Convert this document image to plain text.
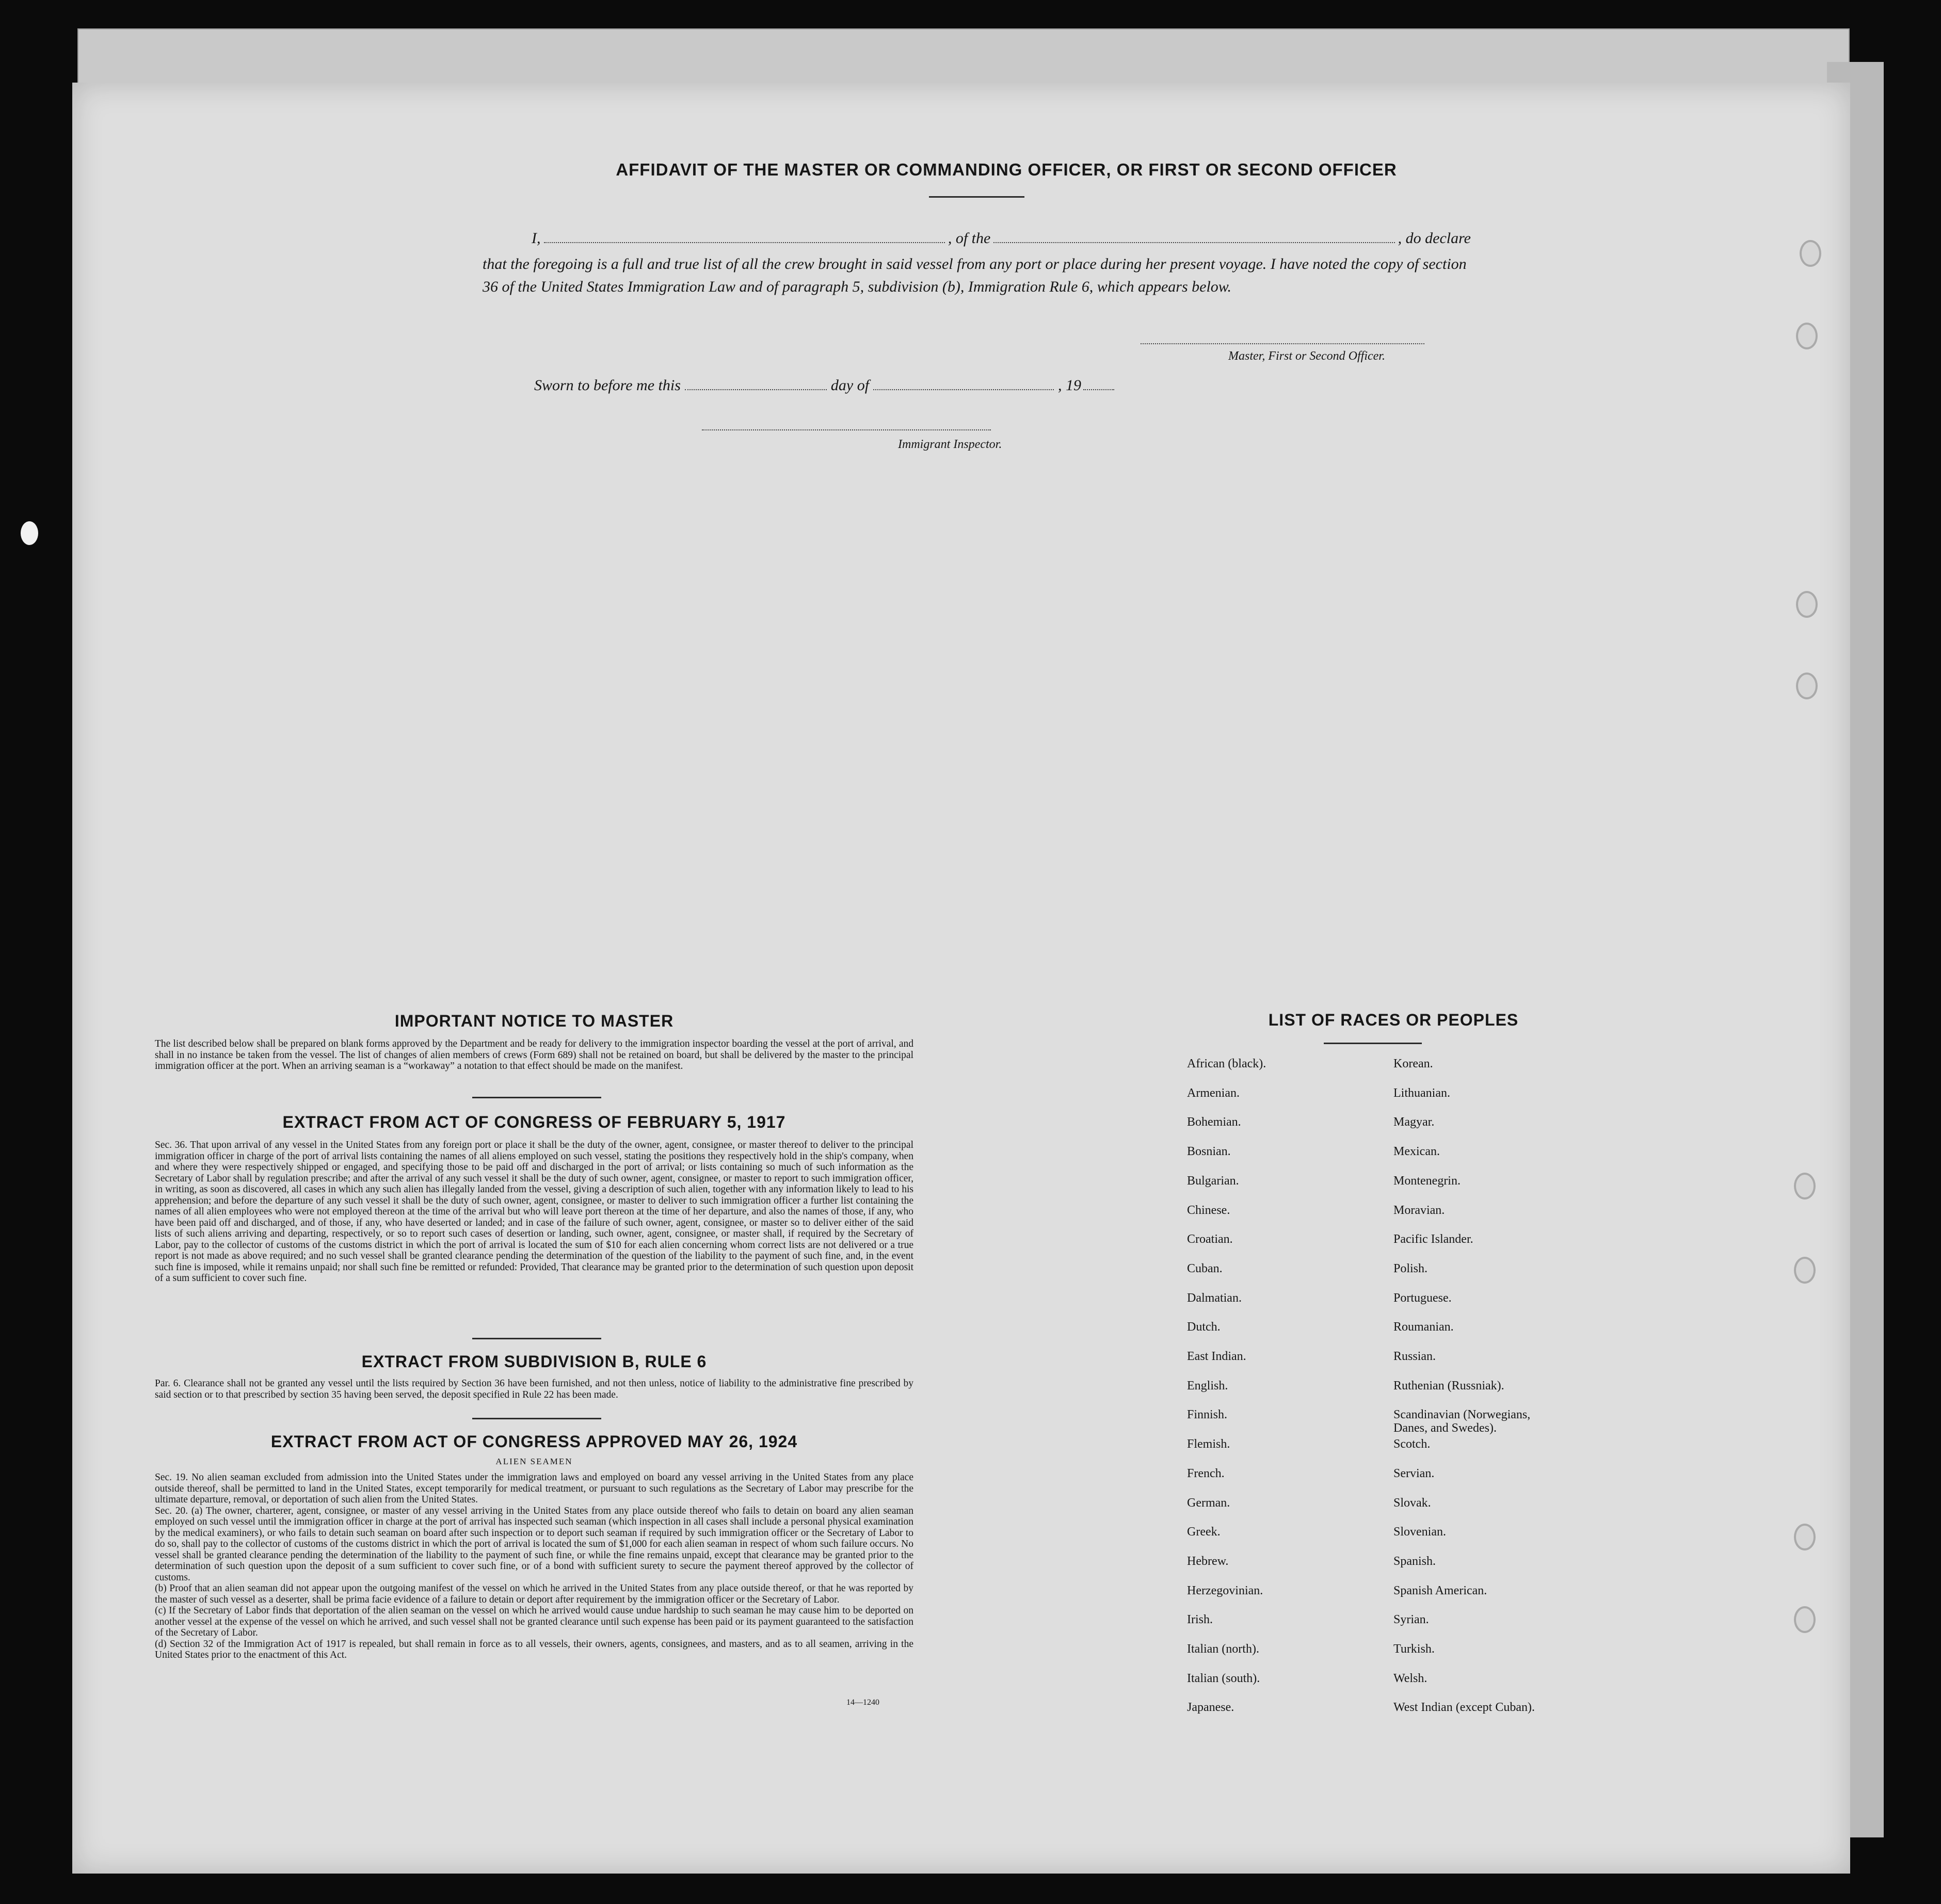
AFFIDAVIT OF THE MASTER OR COMMANDING OFFICER, OR FIRST OR SECOND OFFICER
I,	, of the	, do declare
that the foregoing is a full and true list of all the crew brought in said vessel from any port or place during her present voyage. I have noted the copy of section 36 of the United States Immigration Law and of paragraph 5, subdivision (b), Immigration Rule 6, which appears below.
Master, First or Second Officer.
Sworn to before me this	day of	, 19
Immigrant Inspector.
IMPORTANT NOTICE TO MASTER

The list described below shall be prepared on blank forms approved by the Department and be ready for delivery to the immigration inspector boarding the vessel at the port of arrival, and shall in no instance be taken from the vessel. The list of changes of alien members of crews (Form 689) shall not be retained on board, but shall be delivered by the master to the principal immigration officer at the port. When an arriving seaman is a “workaway” a notation to that effect should be made on the manifest.

EXTRACT FROM ACT OF CONGRESS OF FEBRUARY 5, 1917

Sec. 36. That upon arrival of any vessel in the United States from any foreign port or place it shall be the duty of the owner, agent, consignee, or master thereof to deliver to the principal immigration officer in charge of the port of arrival lists containing the names of all aliens employed on such vessel, stating the positions they respectively hold in the ship's company, when and where they were respectively shipped or engaged, and specifying those to be paid off and discharged in the port of arrival; or lists containing so much of such information as the Secretary of Labor shall by regulation prescribe; and after the arrival of any such vessel it shall be the duty of such owner, agent, consignee, or master to report to such immigration officer, in writing, as soon as discovered, all cases in which any such alien has illegally landed from the vessel, giving a description of such alien, together with any information likely to lead to his apprehension; and before the departure of any such vessel it shall be the duty of such owner, agent, consignee, or master to deliver to such immigration officer a further list containing the names of all alien employees who were not employed thereon at the time of the arrival but who will leave port thereon at the time of her departure, and also the names of those, if any, who have been paid off and discharged, and of those, if any, who have deserted or landed; and in case of the failure of such owner, agent, consignee, or master so to deliver either of the said lists of such aliens arriving and departing, respectively, or so to report such cases of desertion or landing, such owner, agent, consignee, or master shall, if required by the Secretary of Labor, pay to the collector of customs of the customs district in which the port of arrival is located the sum of $10 for each alien concerning whom correct lists are not delivered or a true report is not made as above required; and no such vessel shall be granted clearance pending the determination of the question of the liability to the payment of such fine, and, in the event such fine is imposed, while it remains unpaid; nor shall such fine be remitted or refunded: Provided, That clearance may be granted prior to the determination of such question upon deposit of a sum sufficient to cover such fine.

EXTRACT FROM SUBDIVISION B, RULE 6

Par. 6. Clearance shall not be granted any vessel until the lists required by Section 36 have been furnished, and not then unless, notice of liability to the administrative fine prescribed by said section or to that prescribed by section 35 having been served, the deposit specified in Rule 22 has been made.

EXTRACT FROM ACT OF CONGRESS APPROVED MAY 26, 1924
ALIEN SEAMEN

Sec. 19. No alien seaman excluded from admission into the United States under the immigration laws and employed on board any vessel arriving in the United States from any place outside thereof, shall be permitted to land in the United States, except temporarily for medical treatment, or pursuant to such regulations as the Secretary of Labor may prescribe for the ultimate departure, removal, or deportation of such alien from the United States.
Sec. 20. (a) The owner, charterer, agent, consignee, or master of any vessel arriving in the United States from any place outside thereof who fails to detain on board any alien seaman employed on such vessel until the immigration officer in charge at the port of arrival has inspected such seaman (which inspection in all cases shall include a personal physical examination by the medical examiners), or who fails to detain such seaman on board after such inspection or to deport such seaman if required by such immigration officer or the Secretary of Labor to do so, shall pay to the collector of customs of the customs district in which the port of arrival is located the sum of $1,000 for each alien seaman in respect of whom such failure occurs. No vessel shall be granted clearance pending the determination of the liability to the payment of such fine, or while the fine remains unpaid, except that clearance may be granted prior to the determination of such question upon the deposit of a sum sufficient to cover such fine, or of a bond with sufficient surety to secure the payment thereof approved by the collector of customs.
(b) Proof that an alien seaman did not appear upon the outgoing manifest of the vessel on which he arrived in the United States from any place outside thereof, or that he was reported by the master of such vessel as a deserter, shall be prima facie evidence of a failure to detain or deport after requirement by the immigration officer or the Secretary of Labor.
(c) If the Secretary of Labor finds that deportation of the alien seaman on the vessel on which he arrived would cause undue hardship to such seaman he may cause him to be deported on another vessel at the expense of the vessel on which he arrived, and such vessel shall not be granted clearance until such expense has been paid or its payment guaranteed to the satisfaction of the Secretary of Labor.
(d) Section 32 of the Immigration Act of 1917 is repealed, but shall remain in force as to all vessels, their owners, agents, consignees, and masters, and as to all seamen, arriving in the United States prior to the enactment of this Act.

14—1240
LIST OF RACES OR PEOPLES
African (black).
Armenian.
Bohemian.
Bosnian.
Bulgarian.
Chinese.
Croatian.
Cuban.
Dalmatian.
Dutch.
East Indian.
English.
Finnish.
Flemish.
French.
German.
Greek.
Hebrew.
Herzegovinian.
Irish.
Italian (north).
Italian (south).
Japanese.
Korean.
Lithuanian.
Magyar.
Mexican.
Montenegrin.
Moravian.
Pacific Islander.
Polish.
Portuguese.
Roumanian.
Russian.
Ruthenian (Russniak).
Scandinavian (Norwegians,
Danes, and Swedes).
Scotch.
Servian.
Slovak.
Slovenian.
Spanish.
Spanish American.
Syrian.
Turkish.
Welsh.
West Indian (except Cuban).
